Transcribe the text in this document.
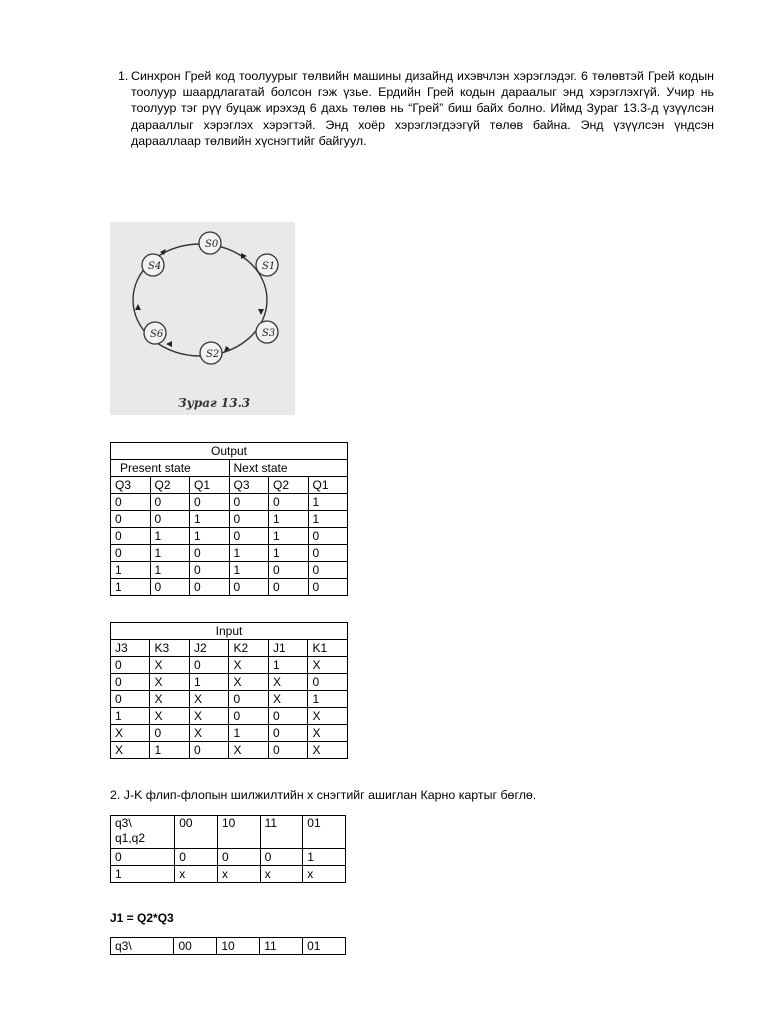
1. Синхрон Грей код тоолуурыг төлвийн машины дизайнд ихэвчлэн хэрэглэдэг. 6 төлөвтэй Грей кодын тоолуур шаардлагатай болсон гэж үзье. Ердийн Грей кодын дараалыг энд хэрэглэхгүй. Учир нь тоолуур тэг рүү буцаж ирэхэд 6 дахь төлөв нь “Грей” биш байх болно. Иймд Зураг 13.3-д үзүүлсэн дарааллыг хэрэглэх хэрэгтэй. Энд хоёр хэрэглэгдээгүй төлөв байна. Энд үзүүлсэн үндсэн дарааллаар төлвийн хүснэгтийг байгуул.
S0
S1
S3
S2
S6
S4
Зураг 13.3
Output					
Present state			Next state		
Q3	Q2	Q1	Q3	Q2	Q1
0	0	0	0	0	1
0	0	1	0	1	1
0	1	1	0	1	0
0	1	0	1	1	0
1	1	0	1	0	0
1	0	0	0	0	0
Input					
J3	K3	J2	K2	J1	K1
0	X	0	X	1	X
0	X	1	X	X	0
0	X	X	0	X	1
1	X	X	0	0	X
X	0	X	1	0	X
X	1	0	X	0	X
2. J-K флип-флопын шилжилтийн х снэгтийг ашиглан Карно картыг бөглө.
q3\
q1,q2	00	10	11	01
0	0	0	0	1
1	x	x	x	x
J1 = Q2*Q3
q3\	00	10	11	01
